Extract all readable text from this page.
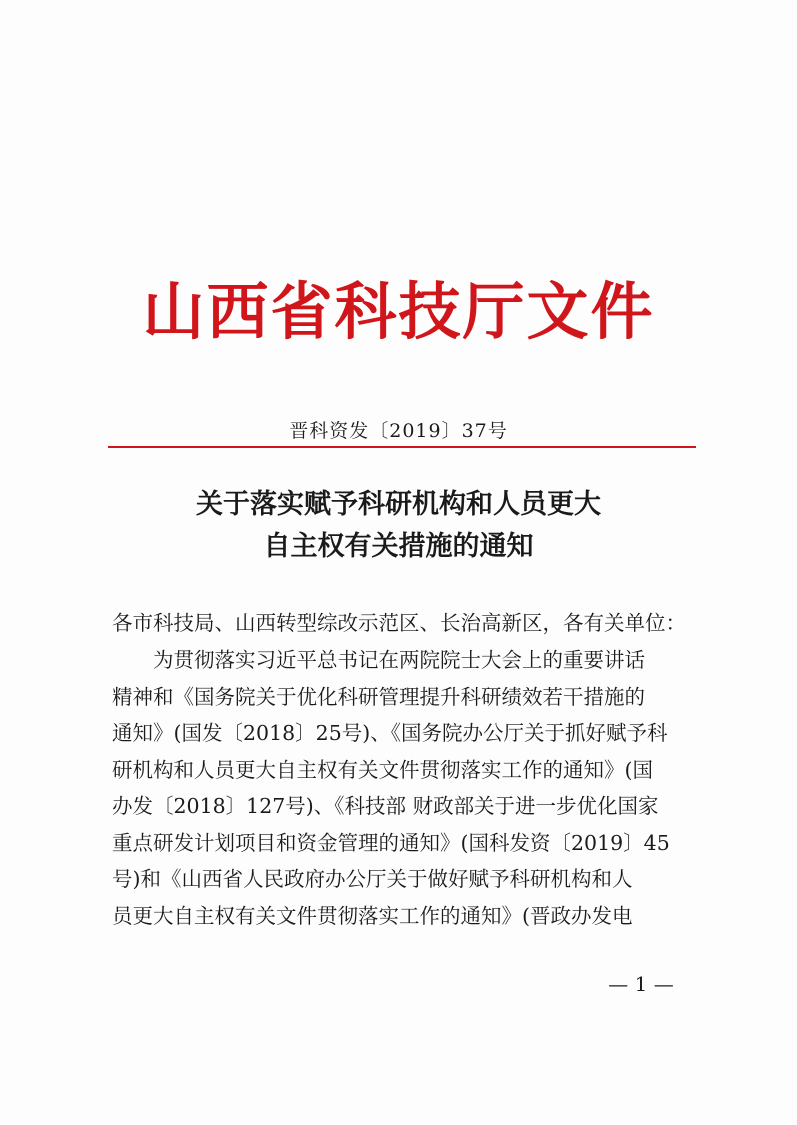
山西省科技厅文件
晋科资发〔2019〕37号
关于落实赋予科研机构和人员更大
自主权有关措施的通知
各市科技局、山西转型综改示范区、长治高新区，各有关单位：
为贯彻落实习近平总书记在两院院士大会上的重要讲话
精神和《国务院关于优化科研管理提升科研绩效若干措施的
通知》(国发〔2018〕25号)、《国务院办公厅关于抓好赋予科
研机构和人员更大自主权有关文件贯彻落实工作的通知》(国
办发〔2018〕127号)、《科技部 财政部关于进一步优化国家
重点研发计划项目和资金管理的通知》(国科发资〔2019〕45
号)和《山西省人民政府办公厅关于做好赋予科研机构和人
员更大自主权有关文件贯彻落实工作的通知》(晋政办发电
— 1 —
